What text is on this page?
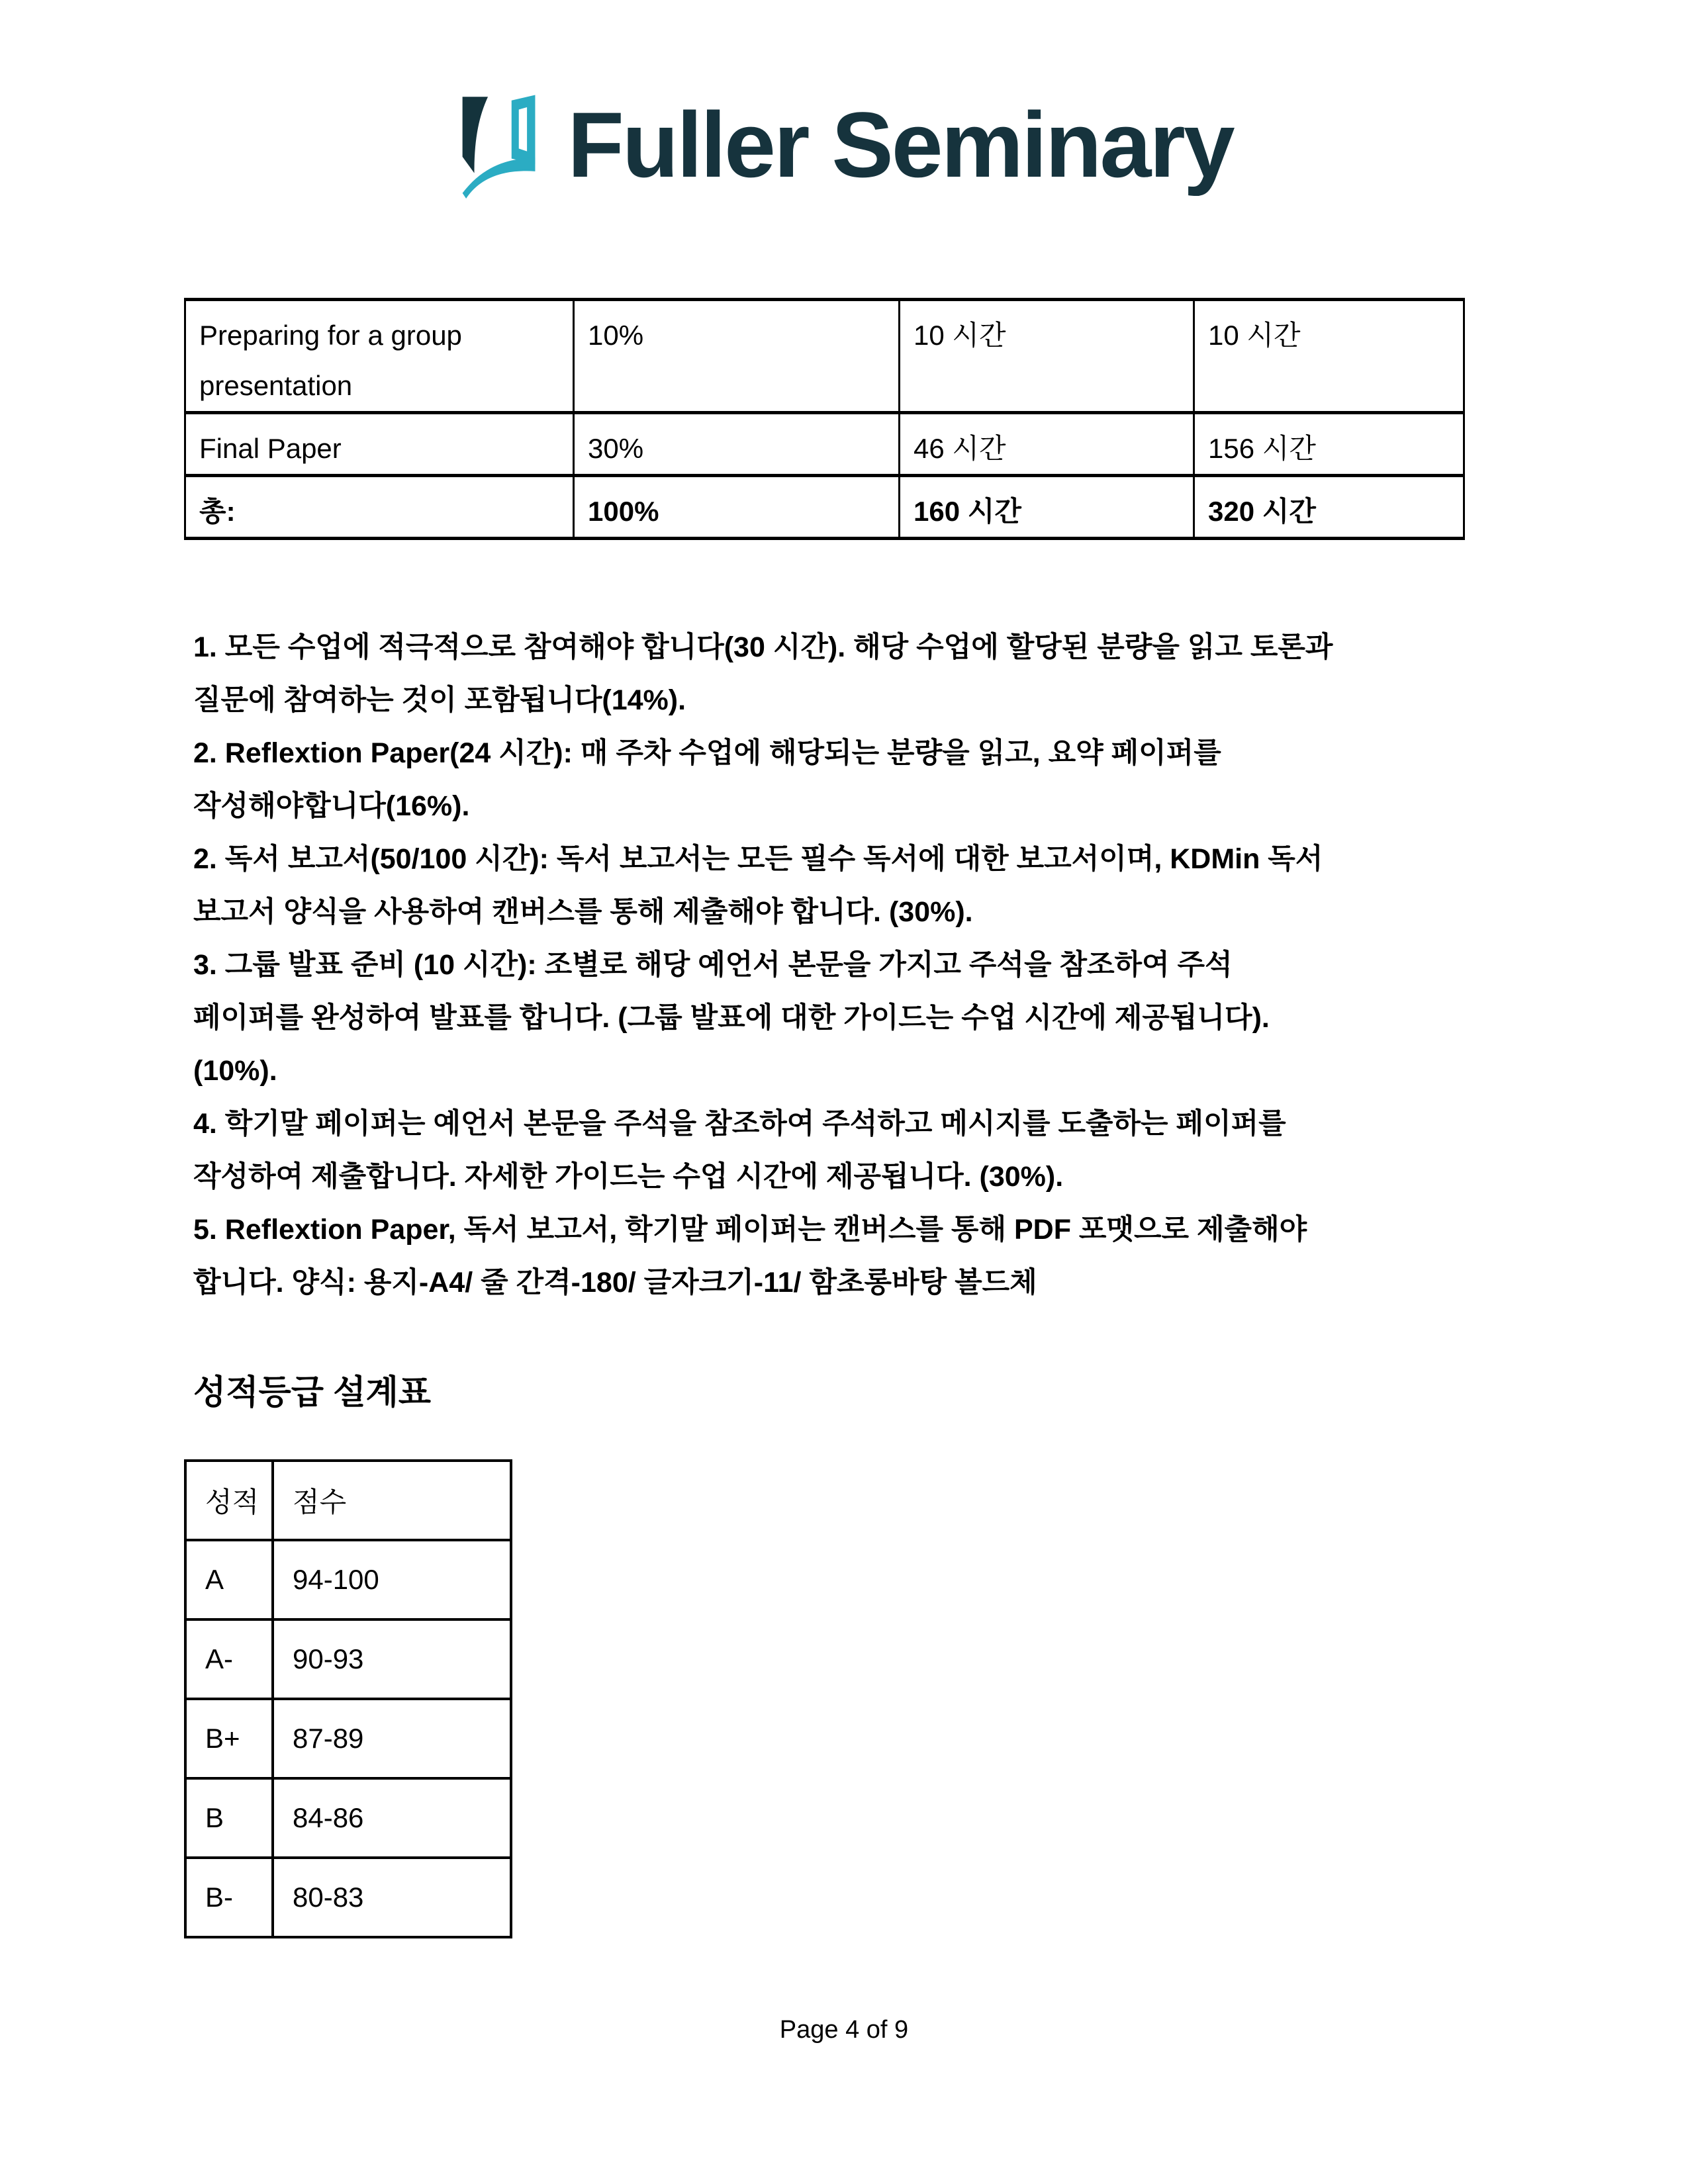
Fuller Seminary
Preparing for a group presentation	10%	10 시간	10 시간
Final Paper	30%	46 시간	156 시간
총:	100%	160 시간	320 시간
1. 모든 수업에 적극적으로 참여해야 합니다(30 시간). 해당 수업에 할당된 분량을 읽고 토론과
질문에 참여하는 것이 포함됩니다(14%).
2. Reflextion Paper(24 시간): 매 주차 수업에 해당되는 분량을 읽고, 요약 페이퍼를
작성해야합니다(16%).
2. 독서 보고서(50/100 시간): 독서 보고서는 모든 필수 독서에 대한 보고서이며, KDMin 독서
보고서 양식을 사용하여 캔버스를 통해 제출해야 합니다. (30%).
3. 그룹 발표 준비 (10 시간): 조별로 해당 예언서 본문을 가지고 주석을 참조하여 주석
페이퍼를 완성하여 발표를 합니다. (그룹 발표에 대한 가이드는 수업 시간에 제공됩니다).
(10%).
4. 학기말 페이퍼는 예언서 본문을 주석을 참조하여 주석하고 메시지를 도출하는 페이퍼를
작성하여 제출합니다. 자세한 가이드는 수업 시간에 제공됩니다. (30%).
5. Reflextion Paper, 독서 보고서, 학기말 페이퍼는 캔버스를 통해 PDF 포맷으로 제출해야
합니다. 양식: 용지-A4/ 줄 간격-180/ 글자크기-11/ 함초롱바탕 볼드체
성적등급 설계표
성적	점수
A	94-100
A-	90-93
B+	87-89
B	84-86
B-	80-83
Page 4 of 9
